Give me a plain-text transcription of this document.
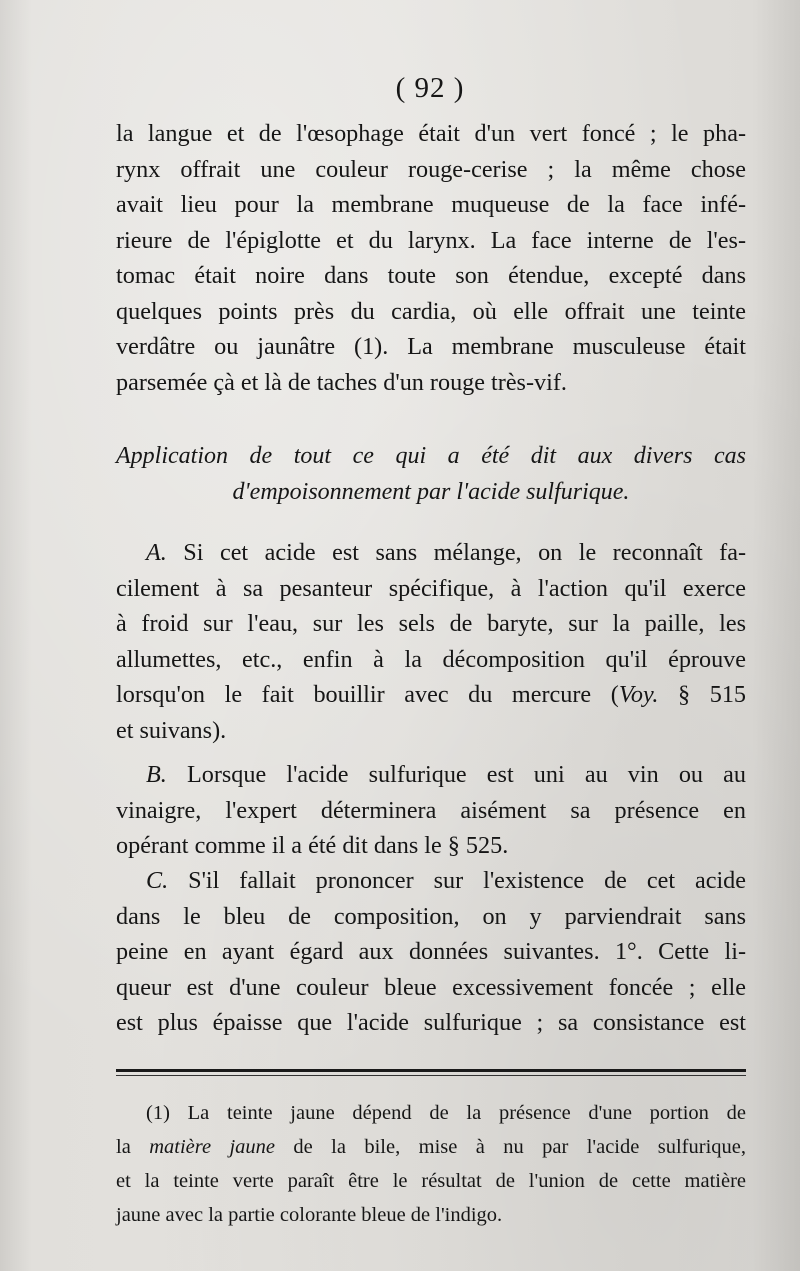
( 92 )
la langue et de l'œsophage était d'un vert foncé ; le pha-
rynx offrait une couleur rouge-cerise ; la même chose
avait lieu pour la membrane muqueuse de la face infé-
rieure de l'épiglotte et du larynx. La face interne de l'es-
tomac était noire dans toute son étendue, excepté dans
quelques points près du cardia, où elle offrait une teinte
verdâtre ou jaunâtre (1). La membrane musculeuse était
parsemée çà et là de taches d'un rouge très-vif.
Application de tout ce qui a été dit aux divers cas
d'empoisonnement par l'acide sulfurique.
A. Si cet acide est sans mélange, on le reconnaît fa-
cilement à sa pesanteur spécifique, à l'action qu'il exerce
à froid sur l'eau, sur les sels de baryte, sur la paille, les
allumettes, etc., enfin à la décomposition qu'il éprouve
lorsqu'on le fait bouillir avec du mercure (Voy. § 515
et suivans).
B. Lorsque l'acide sulfurique est uni au vin ou au
vinaigre, l'expert déterminera aisément sa présence en
opérant comme il a été dit dans le § 525.
C. S'il fallait prononcer sur l'existence de cet acide
dans le bleu de composition, on y parviendrait sans
peine en ayant égard aux données suivantes. 1°. Cette li-
queur est d'une couleur bleue excessivement foncée ; elle
est plus épaisse que l'acide sulfurique ; sa consistance est
(1) La teinte jaune dépend de la présence d'une portion de
la matière jaune de la bile, mise à nu par l'acide sulfurique,
et la teinte verte paraît être le résultat de l'union de cette matière
jaune avec la partie colorante bleue de l'indigo.
